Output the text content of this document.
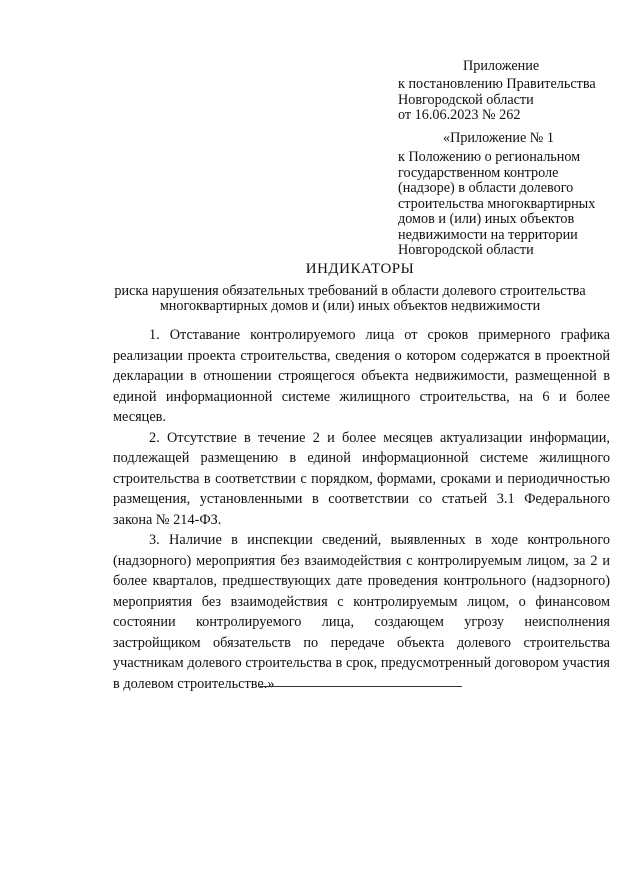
Приложение
к постановлению Правительства
Новгородской области
от 16.06.2023 № 262
«Приложение № 1
к Положению о региональном
государственном контроле
(надзоре) в области долевого
строительства многоквартирных
домов и (или) иных объектов
недвижимости на территории
Новгородской области
ИНДИКАТОРЫ
риска нарушения обязательных требований в области долевого строительства
многоквартирных домов и (или) иных объектов недвижимости

1. Отставание контролируемого лица от сроков примерного графика реализации проекта строительства, сведения о котором содержатся в проектной декларации в отношении строящегося объекта недвижимости, размещенной в единой информационной системе жилищного строительства, на 6 и более месяцев.

2. Отсутствие в течение 2 и более месяцев актуализации информации, подлежащей размещению в единой информационной системе жилищного строительства в соответствии с порядком, формами, сроками и периодичностью размещения, установленными в соответствии со статьей 3.1 Федерального закона № 214-ФЗ.

3. Наличие в инспекции сведений, выявленных в ходе контрольного (надзорного) мероприятия без взаимодействия с контролируемым лицом, за 2 и более кварталов, предшествующих дате проведения контрольного (надзорного) мероприятия без взаимодействия с контролируемым лицом, о финансовом состоянии контролируемого лица, создающем угрозу неисполнения застройщиком обязательств по передаче объекта долевого строительства участникам долевого строительства в срок, предусмотренный договором участия в долевом строительстве.»
